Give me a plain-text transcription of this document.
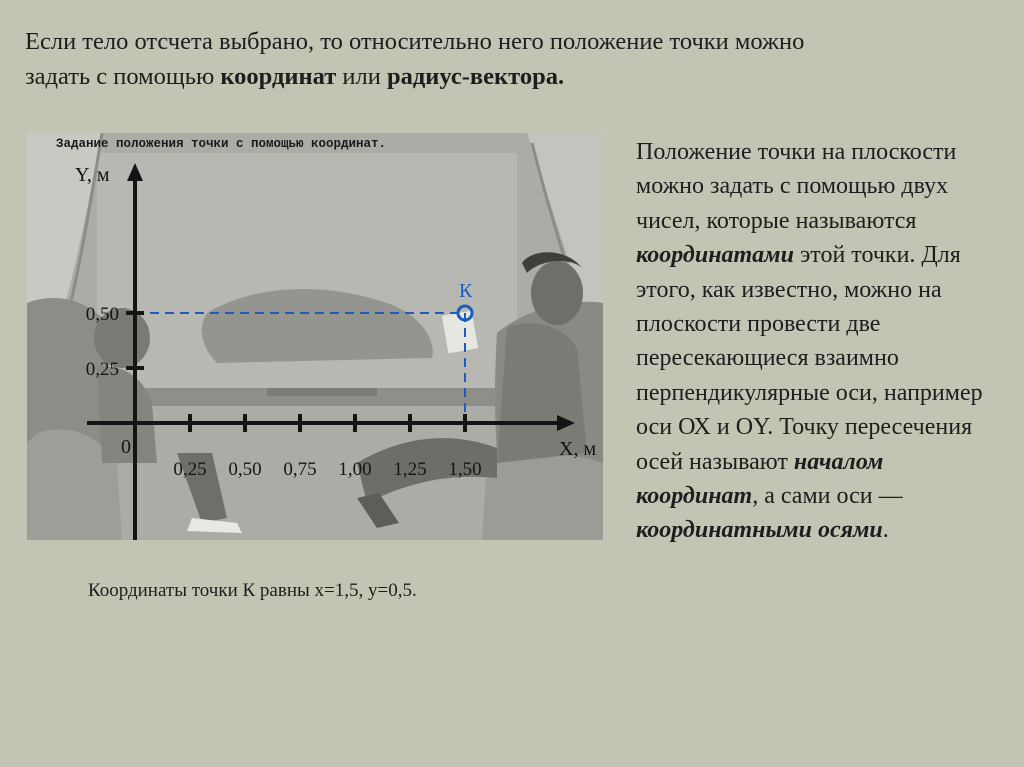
Если тело отсчета выбрано, то относительно него положение точки можно задать с помощью координат или радиус-вектора.

Задание положения точки с помощью координат.
Y, м
X, м
0
0,25 0,50 0,75 1,00 1,25 1,50
0,25
0,50
К

Координаты точки К равны х=1,5, у=0,5.

Положение точки на плоскости можно задать с помощью двух чисел, которые называются координатами этой точки. Для этого, как известно, можно на плоскости провести две пересекающиеся взаимно перпендикулярные оси, например оси ОХ и ОY. Точку пересечения осей называют началом координат, а сами оси — координатными осями.
